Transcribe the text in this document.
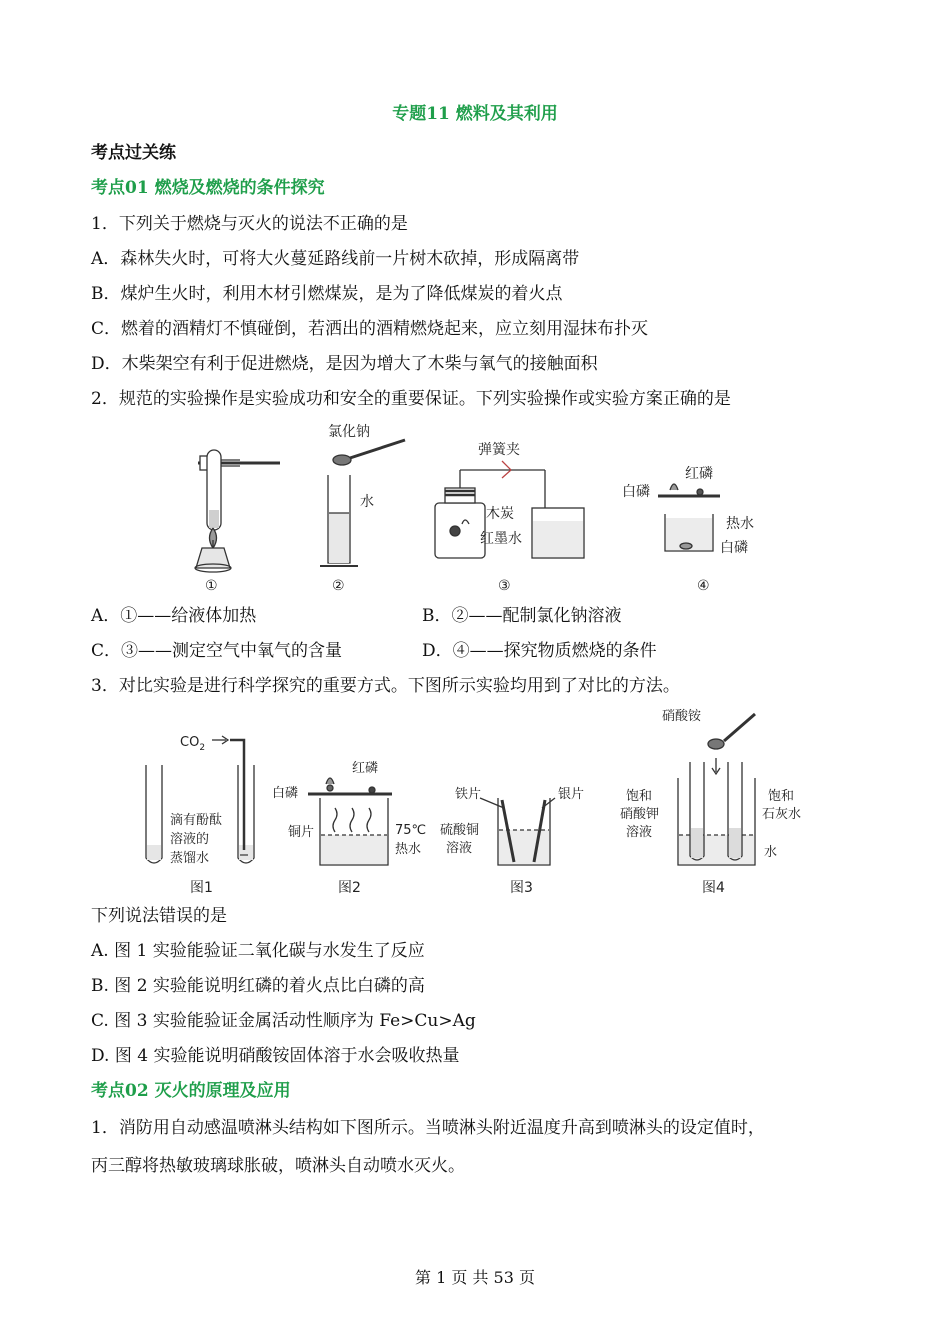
专题11 燃料及其利用
考点过关练
考点01 燃烧及燃烧的条件探究
1．下列关于燃烧与灭火的说法不正确的是
A．森林失火时，可将大火蔓延路线前一片树木砍掉，形成隔离带
B．煤炉生火时，利用木材引燃煤炭，是为了降低煤炭的着火点
C．燃着的酒精灯不慎碰倒，若洒出的酒精燃烧起来，应立刻用湿抹布扑灭
D．木柴架空有利于促进燃烧，是因为增大了木柴与氧气的接触面积
2．规范的实验操作是实验成功和安全的重要保证。下列实验操作或实验方案正确的是
①
氯化钠
水
②
弹簧夹
木炭
红墨水
③
红磷
白磷
热水
白磷
④
A．①——给液体加热	B．②——配制氯化钠溶液
C．③——测定空气中氧气的含量	D．④——探究物质燃烧的条件
3．对比实验是进行科学探究的重要方式。下图所示实验均用到了对比的方法。
$CO_2$
滴有酚酞
溶液的
蒸馏水
图1
红磷
白磷
铜片	75℃
热水
图2
铁片	银片
硫酸铜
溶液
图3
硝酸铵
饱和
硝酸钾
溶液
饱和
石灰水
水
图4
下列说法错误的是
A. 图 1 实验能验证二氧化碳与水发生了反应
B. 图 2 实验能说明红磷的着火点比白磷的高
C. 图 3 实验能验证金属活动性顺序为 Fe>Cu>Ag
D. 图 4 实验能说明硝酸铵固体溶于水会吸收热量
考点02 灭火的原理及应用
1．消防用自动感温喷淋头结构如下图所示。当喷淋头附近温度升高到喷淋头的设定值时，
丙三醇将热敏玻璃球胀破，喷淋头自动喷水灭火。
第 1 页 共 53 页
